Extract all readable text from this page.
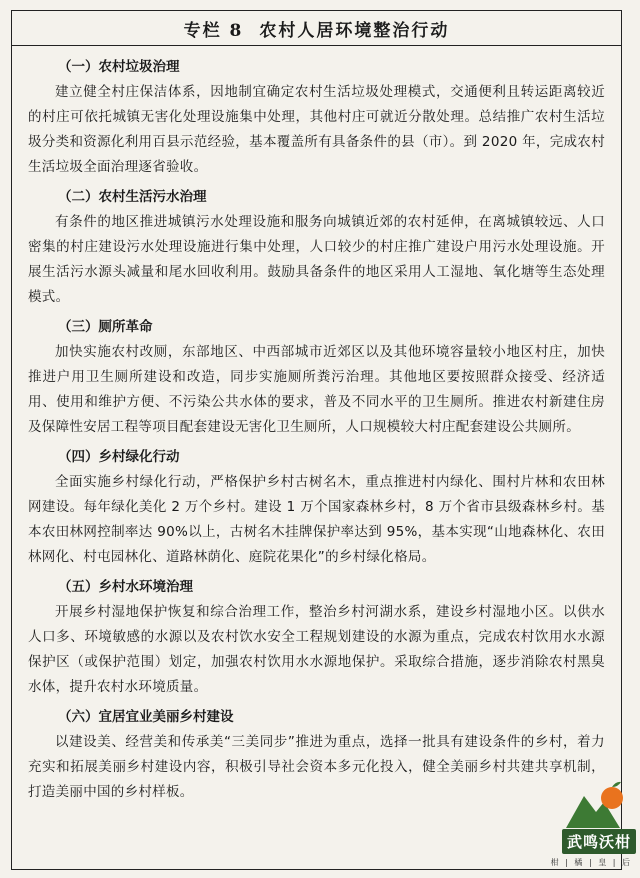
专栏 8 农村人居环境整治行动
（一）农村垃圾治理

建立健全村庄保洁体系，因地制宜确定农村生活垃圾处理模式，交通便利且转运距离较近的村庄可依托城镇无害化处理设施集中处理，其他村庄可就近分散处理。总结推广农村生活垃圾分类和资源化利用百县示范经验，基本覆盖所有具备条件的县（市）。到 2020 年，完成农村生活垃圾全面治理逐省验收。

（二）农村生活污水治理

有条件的地区推进城镇污水处理设施和服务向城镇近郊的农村延伸，在离城镇较远、人口密集的村庄建设污水处理设施进行集中处理，人口较少的村庄推广建设户用污水处理设施。开展生活污水源头减量和尾水回收利用。鼓励具备条件的地区采用人工湿地、氧化塘等生态处理模式。

（三）厕所革命

加快实施农村改厕，东部地区、中西部城市近郊区以及其他环境容量较小地区村庄，加快推进户用卫生厕所建设和改造，同步实施厕所粪污治理。其他地区要按照群众接受、经济适用、使用和维护方便、不污染公共水体的要求，普及不同水平的卫生厕所。推进农村新建住房及保障性安居工程等项目配套建设无害化卫生厕所，人口规模较大村庄配套建设公共厕所。

（四）乡村绿化行动

全面实施乡村绿化行动，严格保护乡村古树名木，重点推进村内绿化、围村片林和农田林网建设。每年绿化美化 2 万个乡村。建设 1 万个国家森林乡村，8 万个省市县级森林乡村。基本农田林网控制率达 90%以上，古树名木挂牌保护率达到 95%，基本实现“山地森林化、农田林网化、村屯园林化、道路林荫化、庭院花果化”的乡村绿化格局。

（五）乡村水环境治理

开展乡村湿地保护恢复和综合治理工作，整治乡村河湖水系，建设乡村湿地小区。以供水人口多、环境敏感的水源以及农村饮水安全工程规划建设的水源为重点，完成农村饮用水水源保护区（或保护范围）划定，加强农村饮用水水源地保护。采取综合措施，逐步消除农村黑臭水体，提升农村水环境质量。

（六）宜居宜业美丽乡村建设

以建设美、经营美和传承美“三美同步”推进为重点，选择一批具有建设条件的乡村，着力充实和拓展美丽乡村建设内容，积极引导社会资本多元化投入，健全美丽乡村共建共享机制，打造美丽中国的乡村样板。

武鸣沃柑
柑 | 橘 | 皇 | 后
